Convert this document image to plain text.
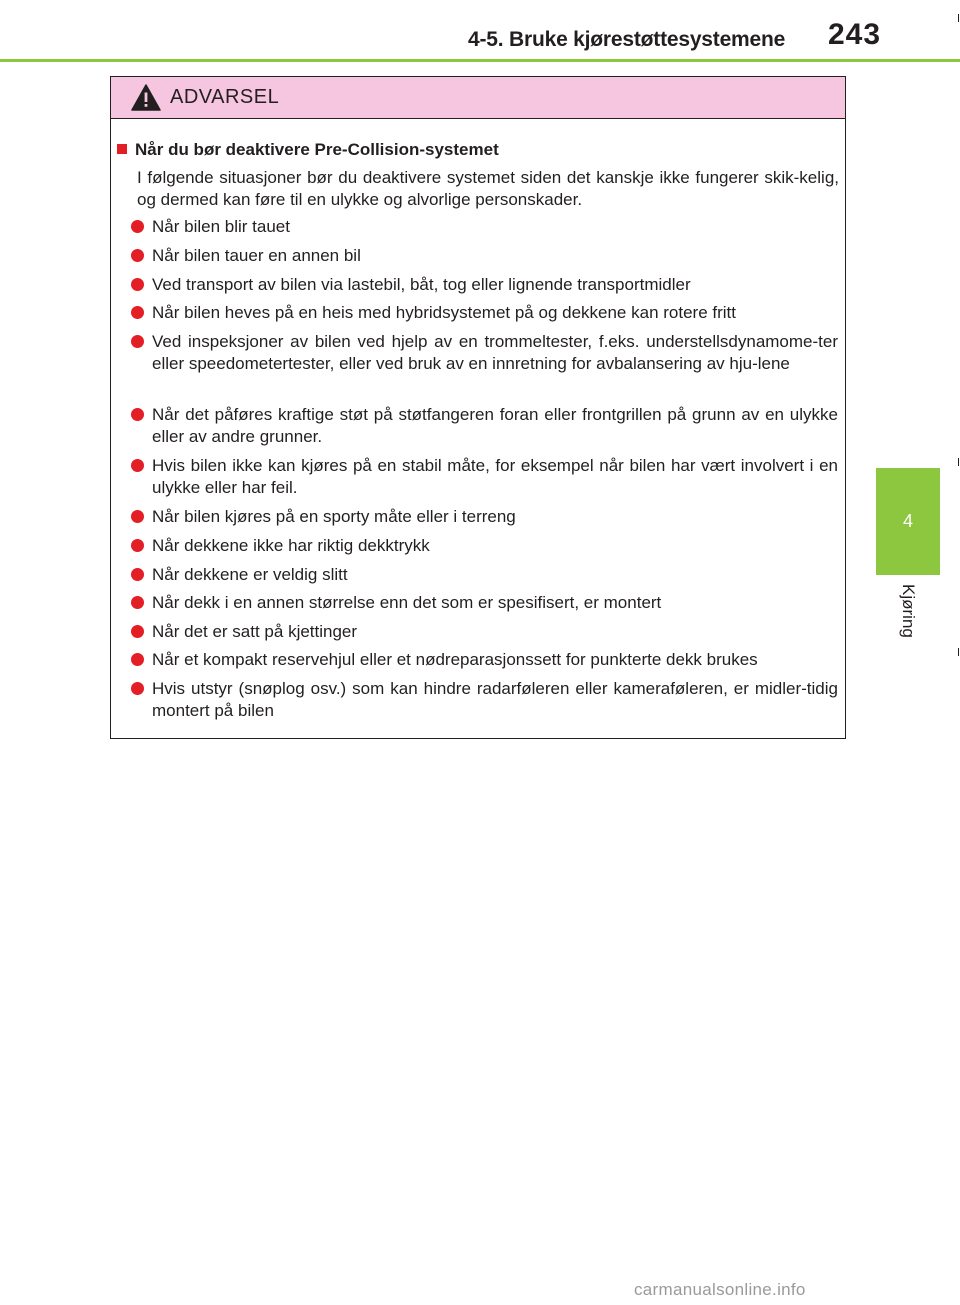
4-5. Bruke kjørestøttesystemene 243
4
Kjøring
ADVARSEL
Når du bør deaktivere Pre-Collision-systemet
I følgende situasjoner bør du deaktivere systemet siden det kanskje ikke fungerer skik-kelig, og dermed kan føre til en ulykke og alvorlige personskader.
Når bilen blir tauet
Når bilen tauer en annen bil
Ved transport av bilen via lastebil, båt, tog eller lignende transportmidler
Når bilen heves på en heis med hybridsystemet på og dekkene kan rotere fritt
Ved inspeksjoner av bilen ved hjelp av en trommeltester, f.eks. understellsdynamome-ter eller speedometertester, eller ved bruk av en innretning for avbalansering av hju-lene
Når det påføres kraftige støt på støtfangeren foran eller frontgrillen på grunn av en ulykke eller av andre grunner.
Hvis bilen ikke kan kjøres på en stabil måte, for eksempel når bilen har vært involvert i en ulykke eller har feil.
Når bilen kjøres på en sporty måte eller i terreng
Når dekkene ikke har riktig dekktrykk
Når dekkene er veldig slitt
Når dekk i en annen størrelse enn det som er spesifisert, er montert
Når det er satt på kjettinger
Når et kompakt reservehjul eller et nødreparasjonssett for punkterte dekk brukes
Hvis utstyr (snøplog osv.) som kan hindre radarføleren eller kameraføleren, er midler-tidig montert på bilen
carmanualsonline.info
